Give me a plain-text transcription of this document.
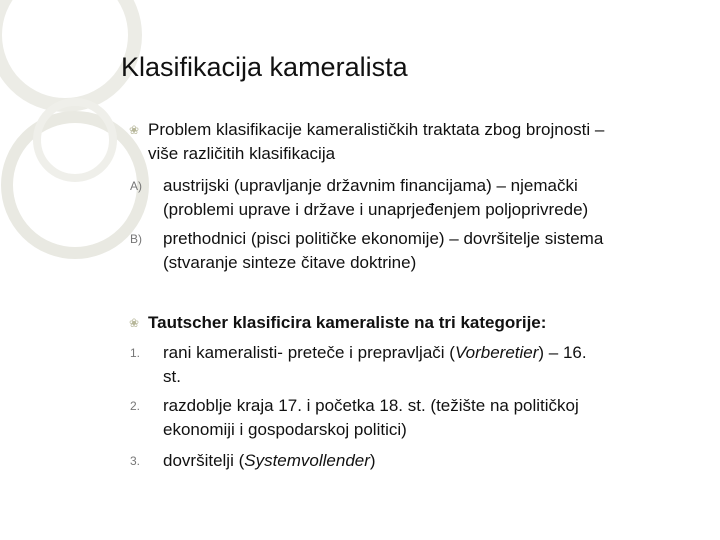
Klasifikacija kameralista
❀ Problem klasifikacije kameralističkih traktata zbog brojnosti –
više različitih klasifikacija
A) austrijski (upravljanje državnim financijama) – njemački
(problemi uprave i države i unaprjeđenjem poljoprivrede)
B) prethodnici (pisci političke ekonomije) – dovršitelje sistema
(stvaranje sinteze čitave doktrine)
❀ Tautscher klasificira kameraliste na tri kategorije:
1. rani kameralisti- preteče i prepravljači (Vorberetier) – 16.
st.
2. razdoblje kraja 17. i početka 18. st. (težište na političkoj
ekonomiji i gospodarskoj politici)
3. dovršitelji (Systemvollender)
